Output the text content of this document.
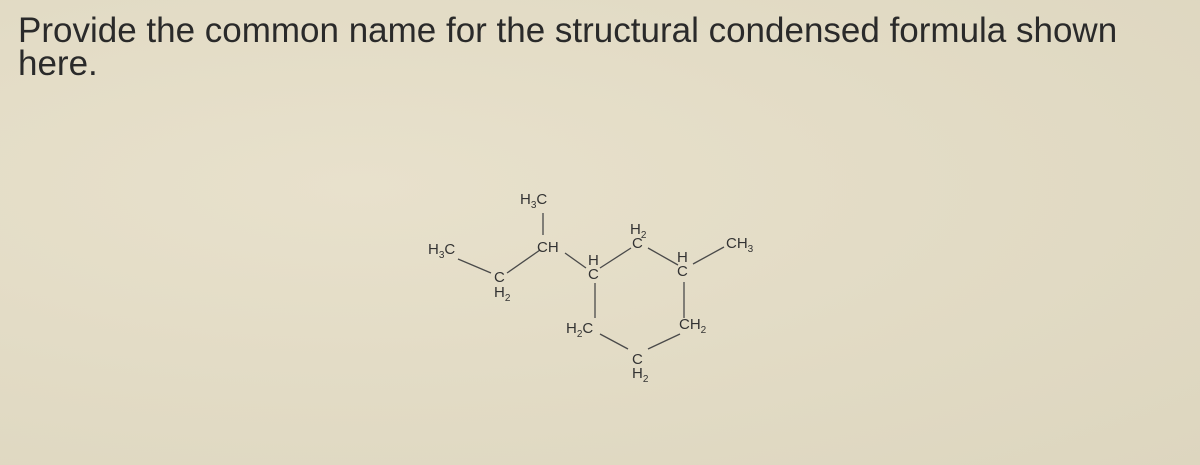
Provide the common name for the structural condensed formula shown here.
$H_3C$
C
$H_2$
$H_3C$
CH
H
C
$H_2$
C
H
C
$CH_3$
$H_2C$	$CH_2$
C
$H_2$
